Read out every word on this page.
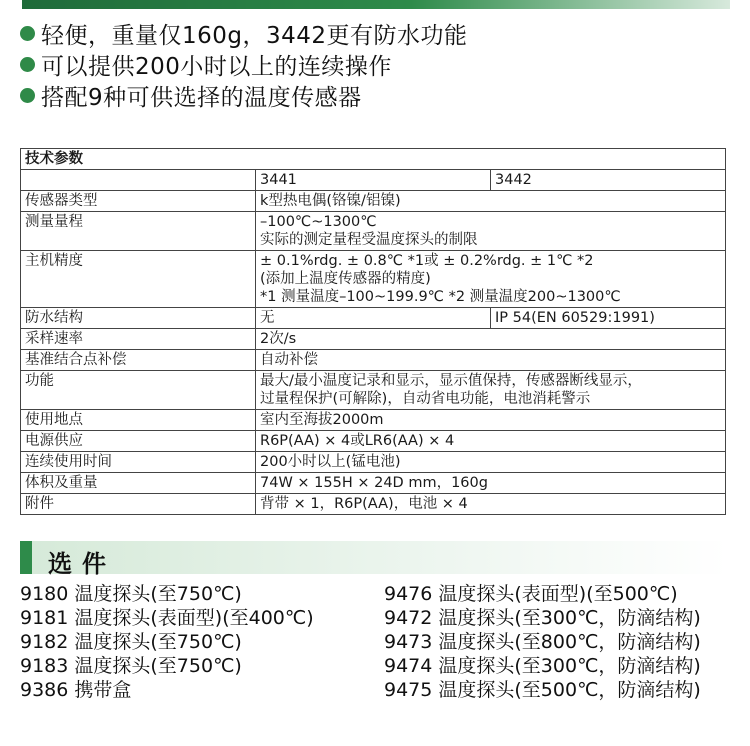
轻便，重量仅160g，3442更有防水功能
可以提供200小时以上的连续操作
搭配9种可供选择的温度传感器
技术参数		
	3441	3442
传感器类型	k型热电偶(铬镍/铝镍)	
测量量程	–100℃~1300℃
实际的测定量程受温度探头的制限	

主机精度	± 0.1%rdg. ± 0.8℃ *1或 ± 0.2%rdg. ± 1℃ *2
(添加上温度传感器的精度)
*1 测量温度–100~199.9℃ *2 测量温度200~1300℃	

防水结构	无	IP 54(EN 60529:1991)
采样速率	2次/s	
基准结合点补偿	自动补偿	
功能	最大/最小温度记录和显示，显示值保持，传感器断线显示，
过量程保护(可解除)，自动省电功能，电池消耗警示	

使用地点	室内至海拔2000m	
电源供应	R6P(AA) × 4或LR6(AA) × 4	
连续使用时间	200小时以上(锰电池)	
体积及重量	74W × 155H × 24D mm，160g	
附件	背带 × 1，R6P(AA)，电池 × 4	
选件
9180 温度探头(至750℃)
9181 温度探头(表面型)(至400℃)
9182 温度探头(至750℃)
9183 温度探头(至750℃)
9386 携带盒
9476 温度探头(表面型)(至500℃)
9472 温度探头(至300℃，防滴结构)
9473 温度探头(至800℃，防滴结构)
9474 温度探头(至300℃，防滴结构)
9475 温度探头(至500℃，防滴结构)
